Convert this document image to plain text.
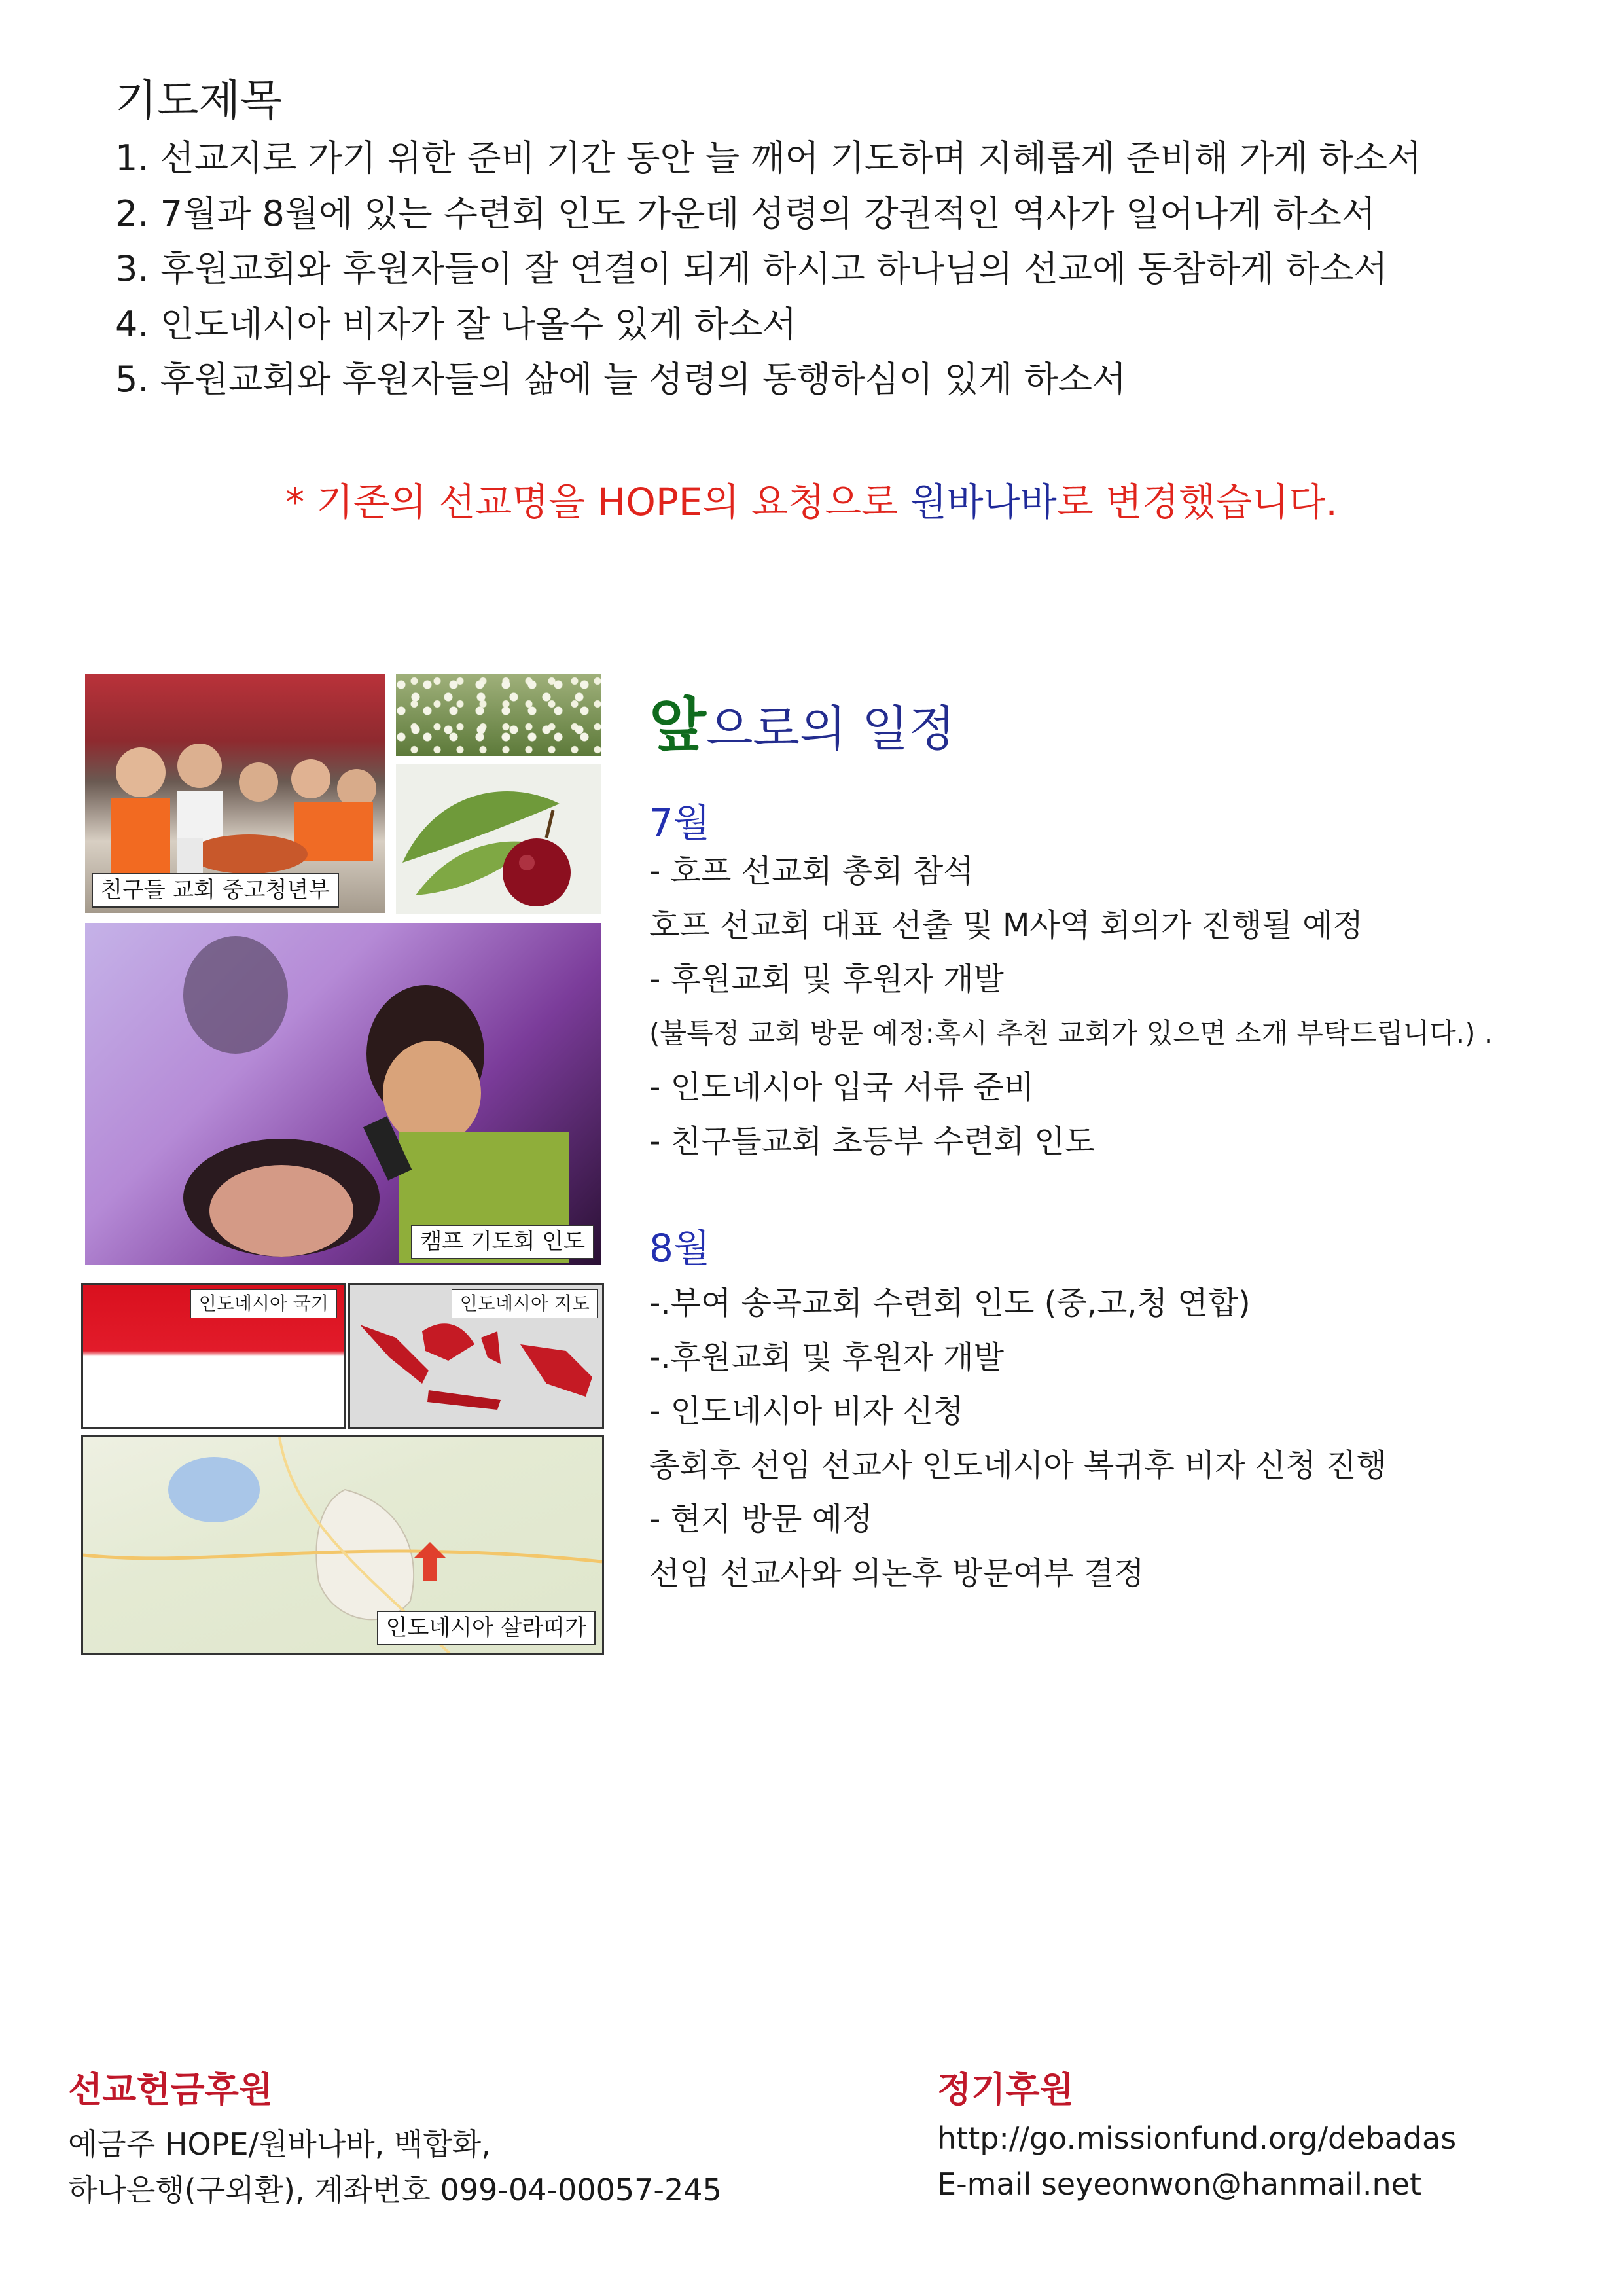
기도제목
1. 선교지로 가기 위한 준비 기간 동안 늘 깨어 기도하며 지혜롭게 준비해 가게 하소서
2. 7월과 8월에 있는 수련회 인도 가운데 성령의 강권적인 역사가 일어나게 하소서
3. 후원교회와 후원자들이 잘 연결이 되게 하시고 하나님의 선교에 동참하게 하소서
4. 인도네시아 비자가 잘 나올수 있게 하소서
5. 후원교회와 후원자들의 삶에 늘 성령의 동행하심이 있게 하소서
* 기존의 선교명을 HOPE의 요청으로 원바나바로 변경했습니다.
친구들 교회 중고청년부
캠프 기도회 인도
인도네시아 국기	인도네시아 지도
인도네시아 살라띠가
앞으로의 일정
7월
- 호프 선교회 총회 참석
호프 선교회 대표 선출 및 M사역 회의가 진행될 예정
- 후원교회 및 후원자 개발
(불특정 교회 방문 예정:혹시 추천 교회가 있으면 소개 부탁드립니다.) .
- 인도네시아 입국 서류 준비
- 친구들교회 초등부 수련회 인도
8월
-.부여 송곡교회 수련회 인도 (중,고,청 연합)
-.후원교회 및 후원자 개발
- 인도네시아 비자 신청
총회후 선임 선교사 인도네시아 복귀후 비자 신청 진행
- 현지 방문 예정
선임 선교사와 의논후 방문여부 결정
선교헌금후원
예금주 HOPE/원바나바, 백합화,
하나은행(구외환), 계좌번호 099-04-00057-245
정기후원
http://go.missionfund.org/debadas
E-mail seyeonwon@hanmail.net
